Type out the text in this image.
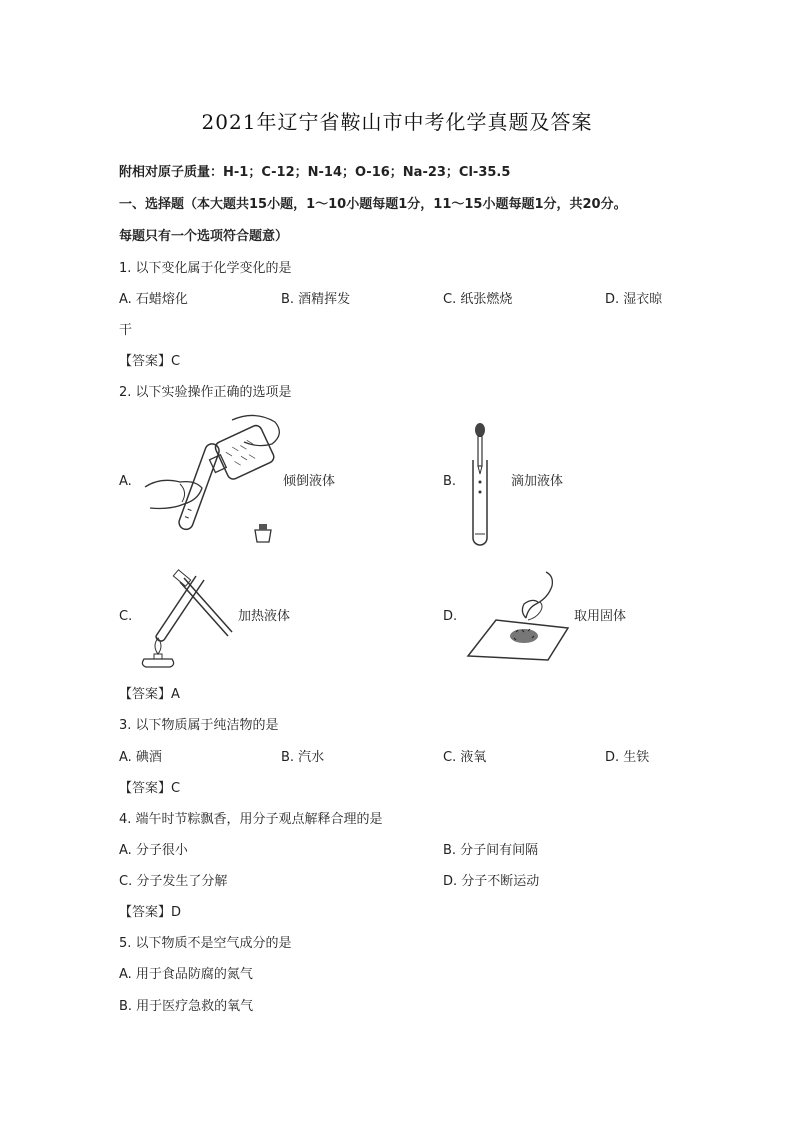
2021年辽宁省鞍山市中考化学真题及答案
附相对原子质量：H-1；C-12；N-14；O-16；Na-23；Cl-35.5
一、选择题（本大题共15小题，1～10小题每题1分，11～15小题每题1分，共20分。
每题只有一个选项符合题意）
1. 以下变化属于化学变化的是
A. 石蜡熔化	B. 酒精挥发	C. 纸张燃烧	D. 湿衣晾
干
【答案】C
2. 以下实验操作正确的选项是
A.	倾倒液体	B.	滴加液体
C.	加热液体	D.	取用固体
【答案】A
3. 以下物质属于纯洁物的是
A. 碘酒	B. 汽水	C. 液氧	D. 生铁
【答案】C
4. 端午时节粽飘香，用分子观点解释合理的是
A. 分子很小	B. 分子间有间隔
C. 分子发生了分解	D. 分子不断运动
【答案】D
5. 以下物质不是空气成分的是
A. 用于食品防腐的氮气
B. 用于医疗急救的氧气
